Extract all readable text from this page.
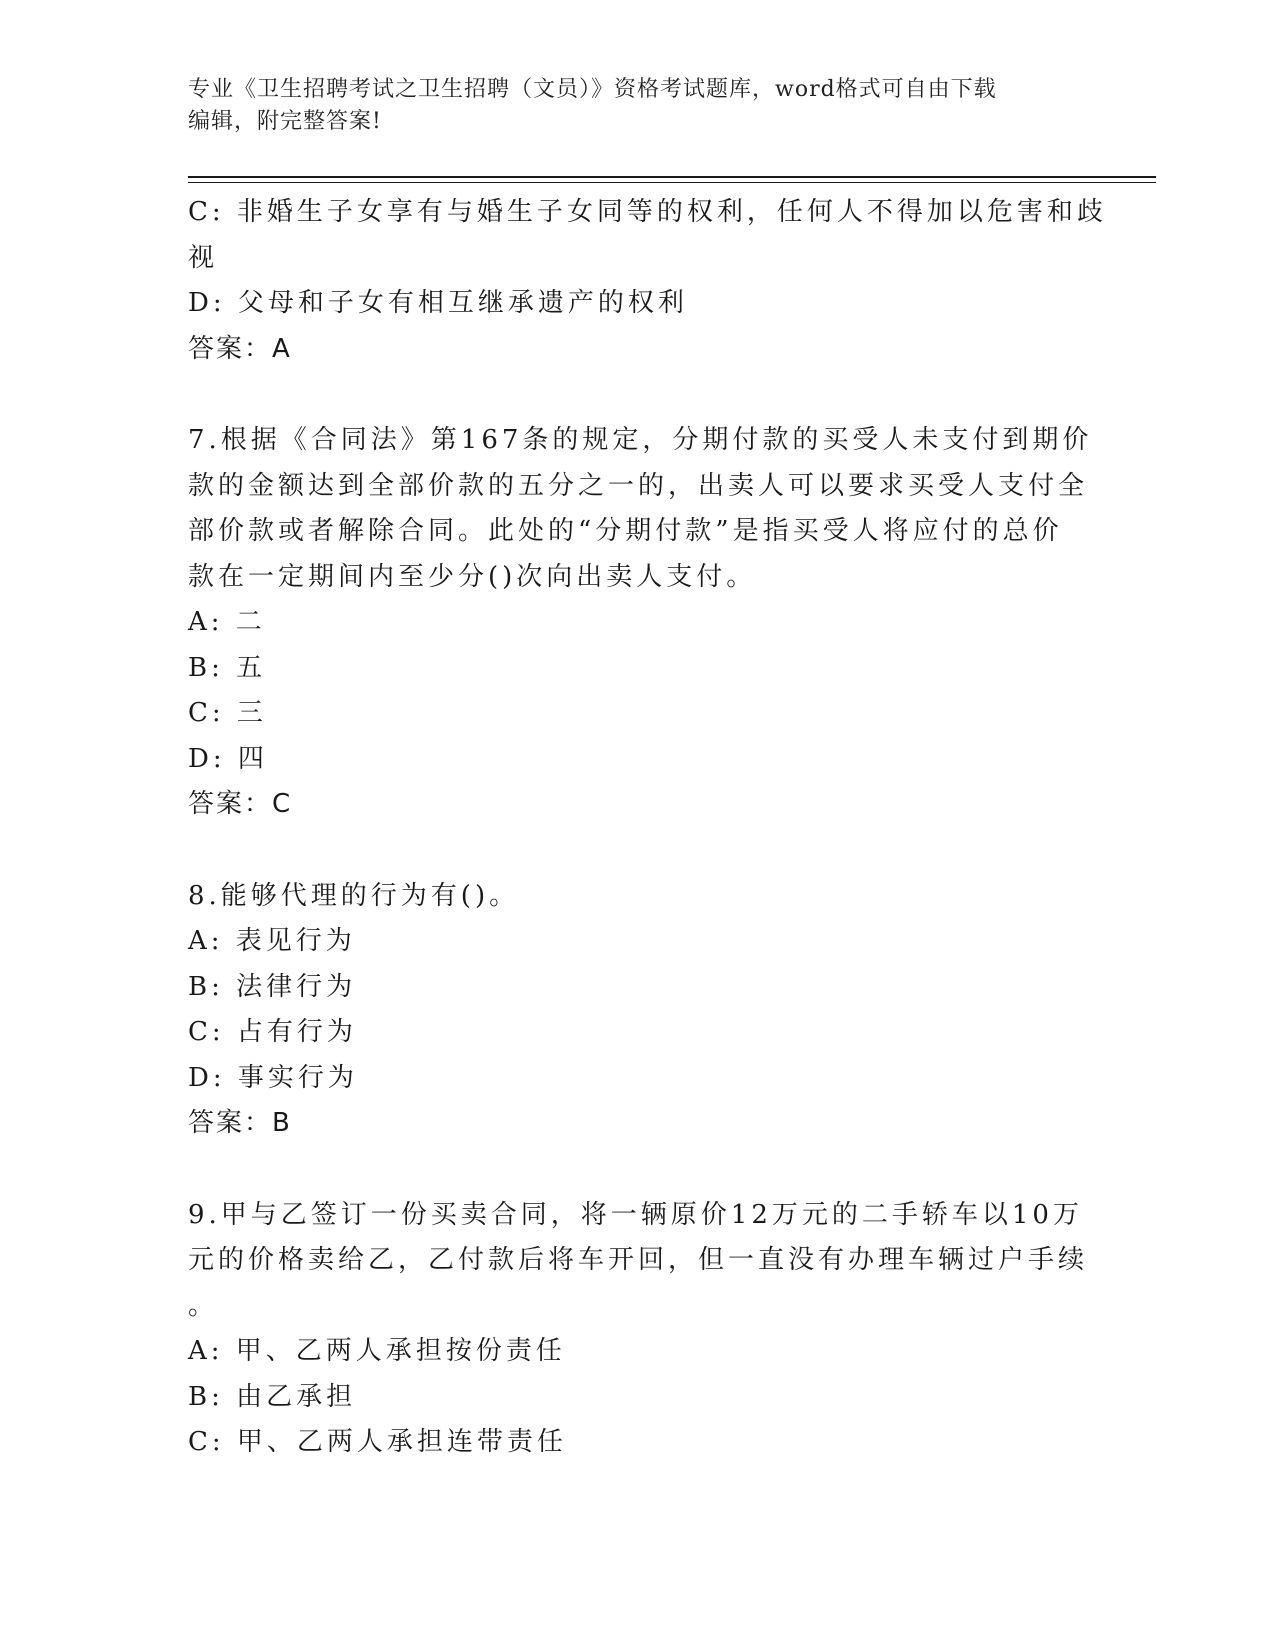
专业《卫生招聘考试之卫生招聘（文员）》资格考试题库，word格式可自由下载
编辑，附完整答案!

C: 非婚生子女享有与婚生子女同等的权利，任何人不得加以危害和歧

视

D: 父母和子女有相互继承遗产的权利

答案：A

7.根据《合同法》第167条的规定，分期付款的买受人未支付到期价

款的金额达到全部价款的五分之一的，出卖人可以要求买受人支付全

部价款或者解除合同。此处的“分期付款”是指买受人将应付的总价

款在一定期间内至少分()次向出卖人支付。

A: 二

B: 五

C: 三

D: 四

答案：C

8.能够代理的行为有()。

A: 表见行为

B: 法律行为

C: 占有行为

D: 事实行为

答案：B

9.甲与乙签订一份买卖合同，将一辆原价12万元的二手轿车以10万

元的价格卖给乙，乙付款后将车开回，但一直没有办理车辆过户手续

。

A: 甲、乙两人承担按份责任

B: 由乙承担

C: 甲、乙两人承担连带责任
